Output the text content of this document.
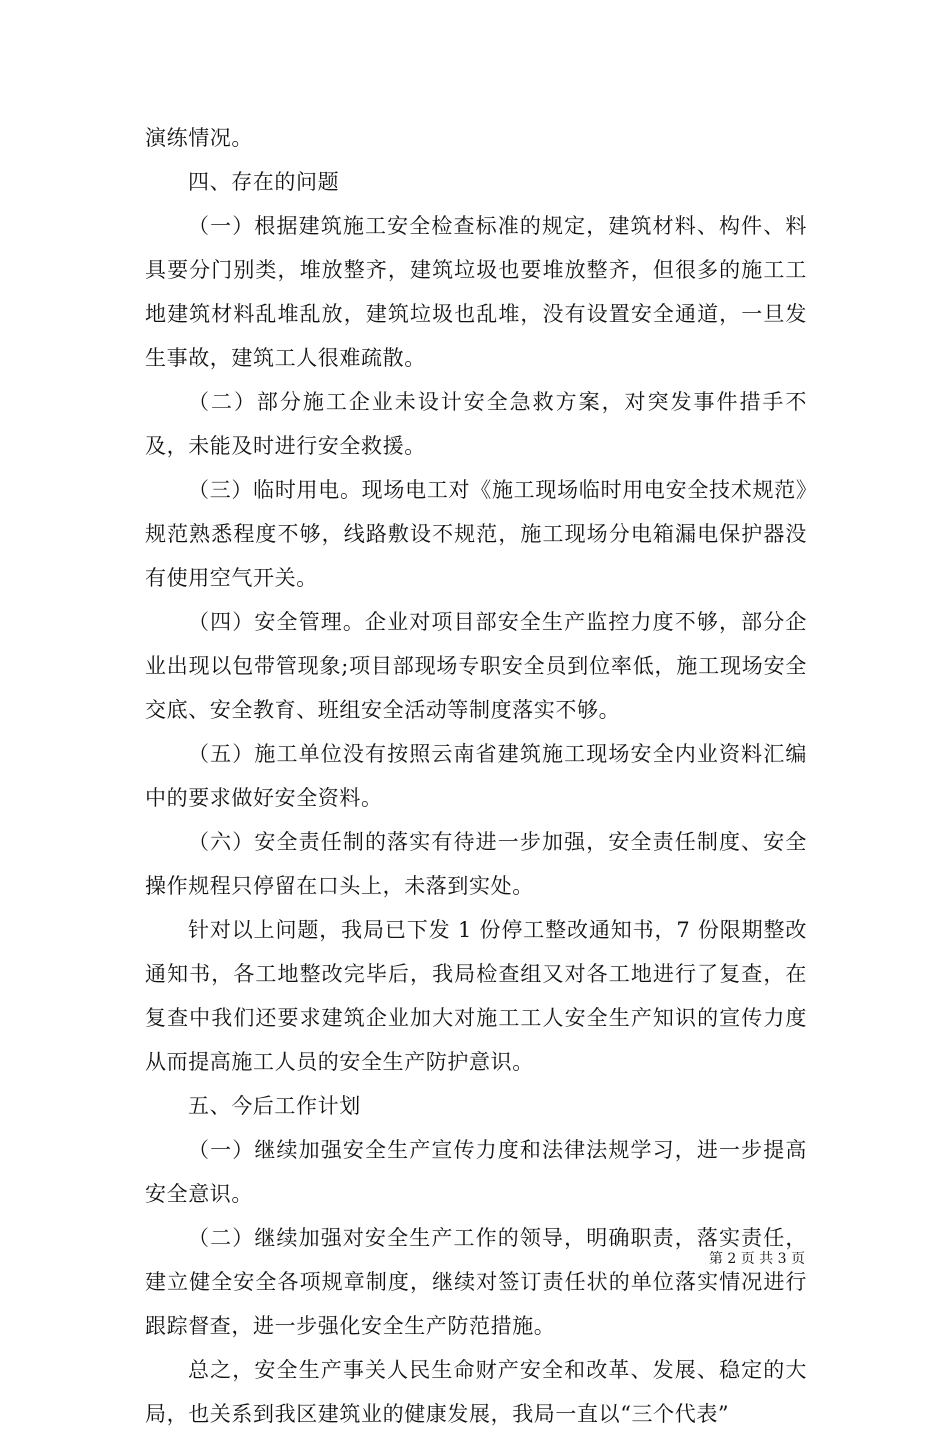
演练情况。

四、存在的问题

（一）根据建筑施工安全检查标准的规定，建筑材料、构件、料具要分门别类，堆放整齐，建筑垃圾也要堆放整齐，但很多的施工工地建筑材料乱堆乱放，建筑垃圾也乱堆，没有设置安全通道，一旦发生事故，建筑工人很难疏散。

（二）部分施工企业未设计安全急救方案，对突发事件措手不及，未能及时进行安全救援。

（三）临时用电。现场电工对《施工现场临时用电安全技术规范》规范熟悉程度不够，线路敷设不规范，施工现场分电箱漏电保护器没有使用空气开关。

（四）安全管理。企业对项目部安全生产监控力度不够，部分企业出现以包带管现象;项目部现场专职安全员到位率低，施工现场安全交底、安全教育、班组安全活动等制度落实不够。

（五）施工单位没有按照云南省建筑施工现场安全内业资料汇编中的要求做好安全资料。

（六）安全责任制的落实有待进一步加强，安全责任制度、安全操作规程只停留在口头上，未落到实处。

针对以上问题，我局已下发 1 份停工整改通知书，7 份限期整改通知书，各工地整改完毕后，我局检查组又对各工地进行了复查，在复查中我们还要求建筑企业加大对施工工人安全生产知识的宣传力度从而提高施工人员的安全生产防护意识。

五、今后工作计划

（一）继续加强安全生产宣传力度和法律法规学习，进一步提高安全意识。

（二）继续加强对安全生产工作的领导，明确职责，落实责任，建立健全安全各项规章制度，继续对签订责任状的单位落实情况进行跟踪督查，进一步强化安全生产防范措施。

总之，安全生产事关人民生命财产安全和改革、发展、稳定的大局，也关系到我区建筑业的健康发展，我局一直以“三个代表”

第 2 页 共 3 页
